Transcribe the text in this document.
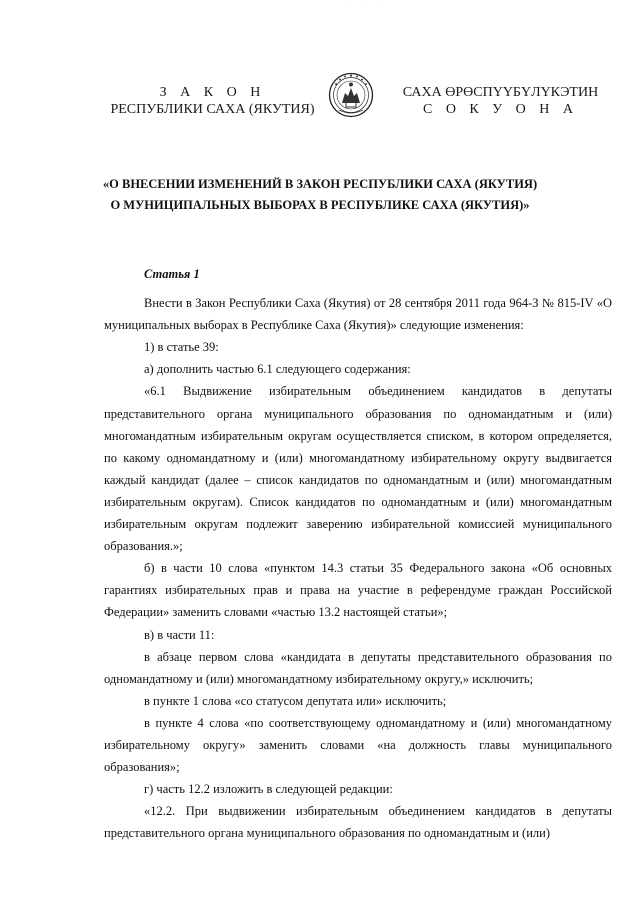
· · ·
З А К О Н
РЕСПУБЛИКИ САХА (ЯКУТИЯ)
САХА ӨРӨСПҮҮБҮЛҮКЭТИН
С О К У О Н А
«О ВНЕСЕНИИ ИЗМЕНЕНИЙ В ЗАКОН РЕСПУБЛИКИ САХА (ЯКУТИЯ)
О МУНИЦИПАЛЬНЫХ ВЫБОРАХ В РЕСПУБЛИКЕ САХА (ЯКУТИЯ)»

Статья 1

Внести в Закон Республики Саха (Якутия) от 28 сентября 2011 года 964-З № 815-IV «О муниципальных выборах в Республике Саха (Якутия)» следующие изменения:

1) в статье 39:

а) дополнить частью 6.1 следующего содержания:

«6.1 Выдвижение избирательным объединением кандидатов в депутаты представительного органа муниципального образования по одномандатным и (или) многомандатным избирательным округам осуществляется списком, в котором определяется, по какому одномандатному и (или) многомандатному избирательному округу выдвигается каждый кандидат (далее – список кандидатов по одномандатным и (или) многомандатным избирательным округам). Список кандидатов по одномандатным и (или) многомандатным избирательным округам подлежит заверению избирательной комиссией муниципального образования.»;

б) в части 10 слова «пунктом 14.3 статьи 35 Федерального закона «Об основных гарантиях избирательных прав и права на участие в референдуме граждан Российской Федерации» заменить словами «частью 13.2 настоящей статьи»;

в) в части 11:

в абзаце первом слова «кандидата в депутаты представительного образования по одномандатному и (или) многомандатному избирательному округу,» исключить;

в пункте 1 слова «со статусом депутата или» исключить;

в пункте 4 слова «по соответствующему одномандатному и (или) многомандатному избирательному округу» заменить словами «на должность главы муниципального образования»;

г) часть 12.2 изложить в следующей редакции:

«12.2. При выдвижении избирательным объединением кандидатов в депутаты представительного органа муниципального образования по одномандатным и (или)
